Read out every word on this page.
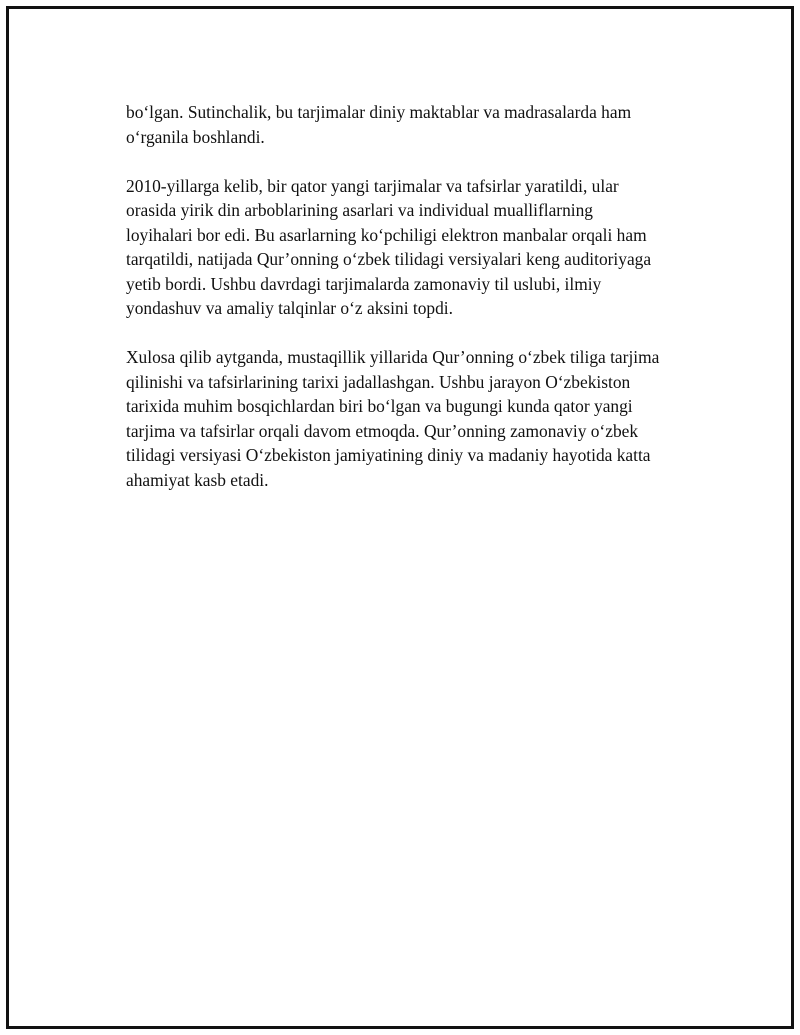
bo‘lgan. Sutinchalik, bu tarjimalar diniy maktablar va madrasalarda ham
o‘rganila boshlandi.

2010-yillarga kelib, bir qator yangi tarjimalar va tafsirlar yaratildi, ular
orasida yirik din arboblarining asarlari va individual mualliflarning
loyihalari bor edi. Bu asarlarning ko‘pchiligi elektron manbalar orqali ham
tarqatildi, natijada Qur’onning o‘zbek tilidagi versiyalari keng auditoriyaga
yetib bordi. Ushbu davrdagi tarjimalarda zamonaviy til uslubi, ilmiy
yondashuv va amaliy talqinlar o‘z aksini topdi.

Xulosa qilib aytganda, mustaqillik yillarida Qur’onning o‘zbek tiliga tarjima
qilinishi va tafsirlarining tarixi jadallashgan. Ushbu jarayon O‘zbekiston
tarixida muhim bosqichlardan biri bo‘lgan va bugungi kunda qator yangi
tarjima va tafsirlar orqali davom etmoqda. Qur’onning zamonaviy o‘zbek
tilidagi versiyasi O‘zbekiston jamiyatining diniy va madaniy hayotida katta
ahamiyat kasb etadi.
